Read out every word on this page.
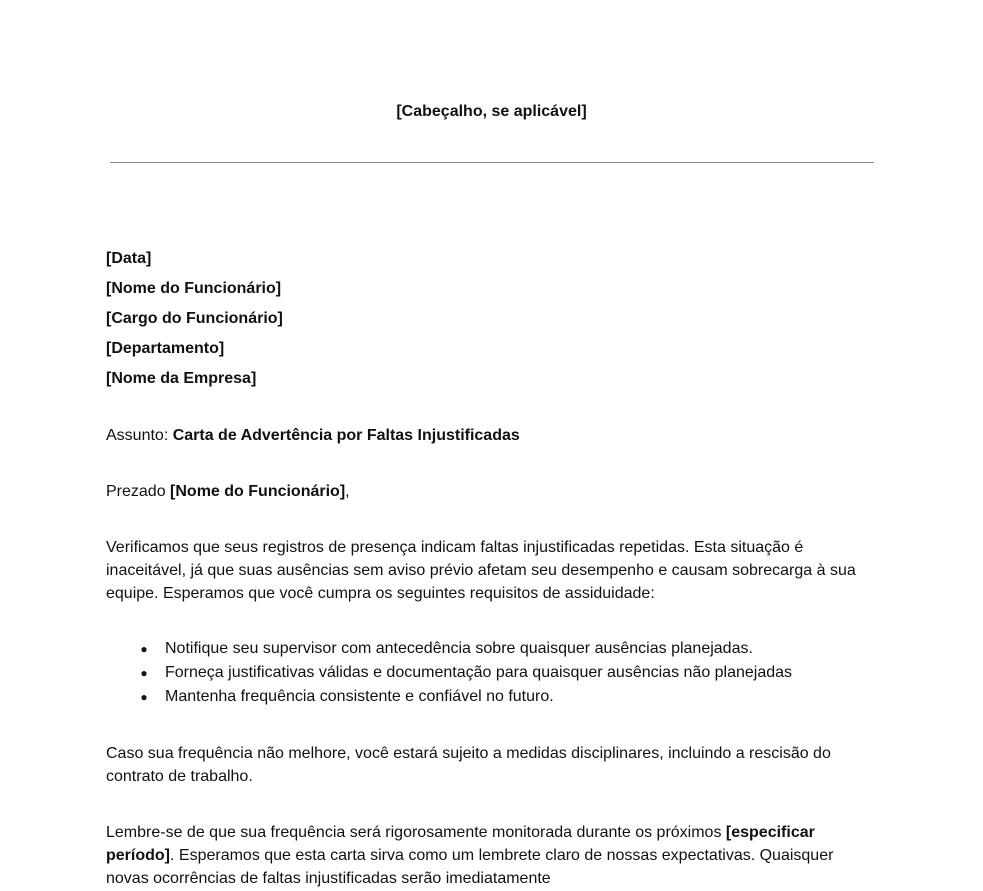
[Cabeçalho, se aplicável]
[Data]
[Nome do Funcionário]
[Cargo do Funcionário]
[Departamento]
[Nome da Empresa]
Assunto: Carta de Advertência por Faltas Injustificadas
Prezado [Nome do Funcionário],
Verificamos que seus registros de presença indicam faltas injustificadas repetidas. Esta situação é inaceitável, já que suas ausências sem aviso prévio afetam seu desempenho e causam sobrecarga à sua equipe. Esperamos que você cumpra os seguintes requisitos de assiduidade:
● Notifique seu supervisor com antecedência sobre quaisquer ausências planejadas.
● Forneça justificativas válidas e documentação para quaisquer ausências não planejadas
● Mantenha frequência consistente e confiável no futuro.
Caso sua frequência não melhore, você estará sujeito a medidas disciplinares, incluindo a rescisão do contrato de trabalho.
Lembre-se de que sua frequência será rigorosamente monitorada durante os próximos [especificar período]. Esperamos que esta carta sirva como um lembrete claro de nossas expectativas. Quaisquer novas ocorrências de faltas injustificadas serão imediatamente
